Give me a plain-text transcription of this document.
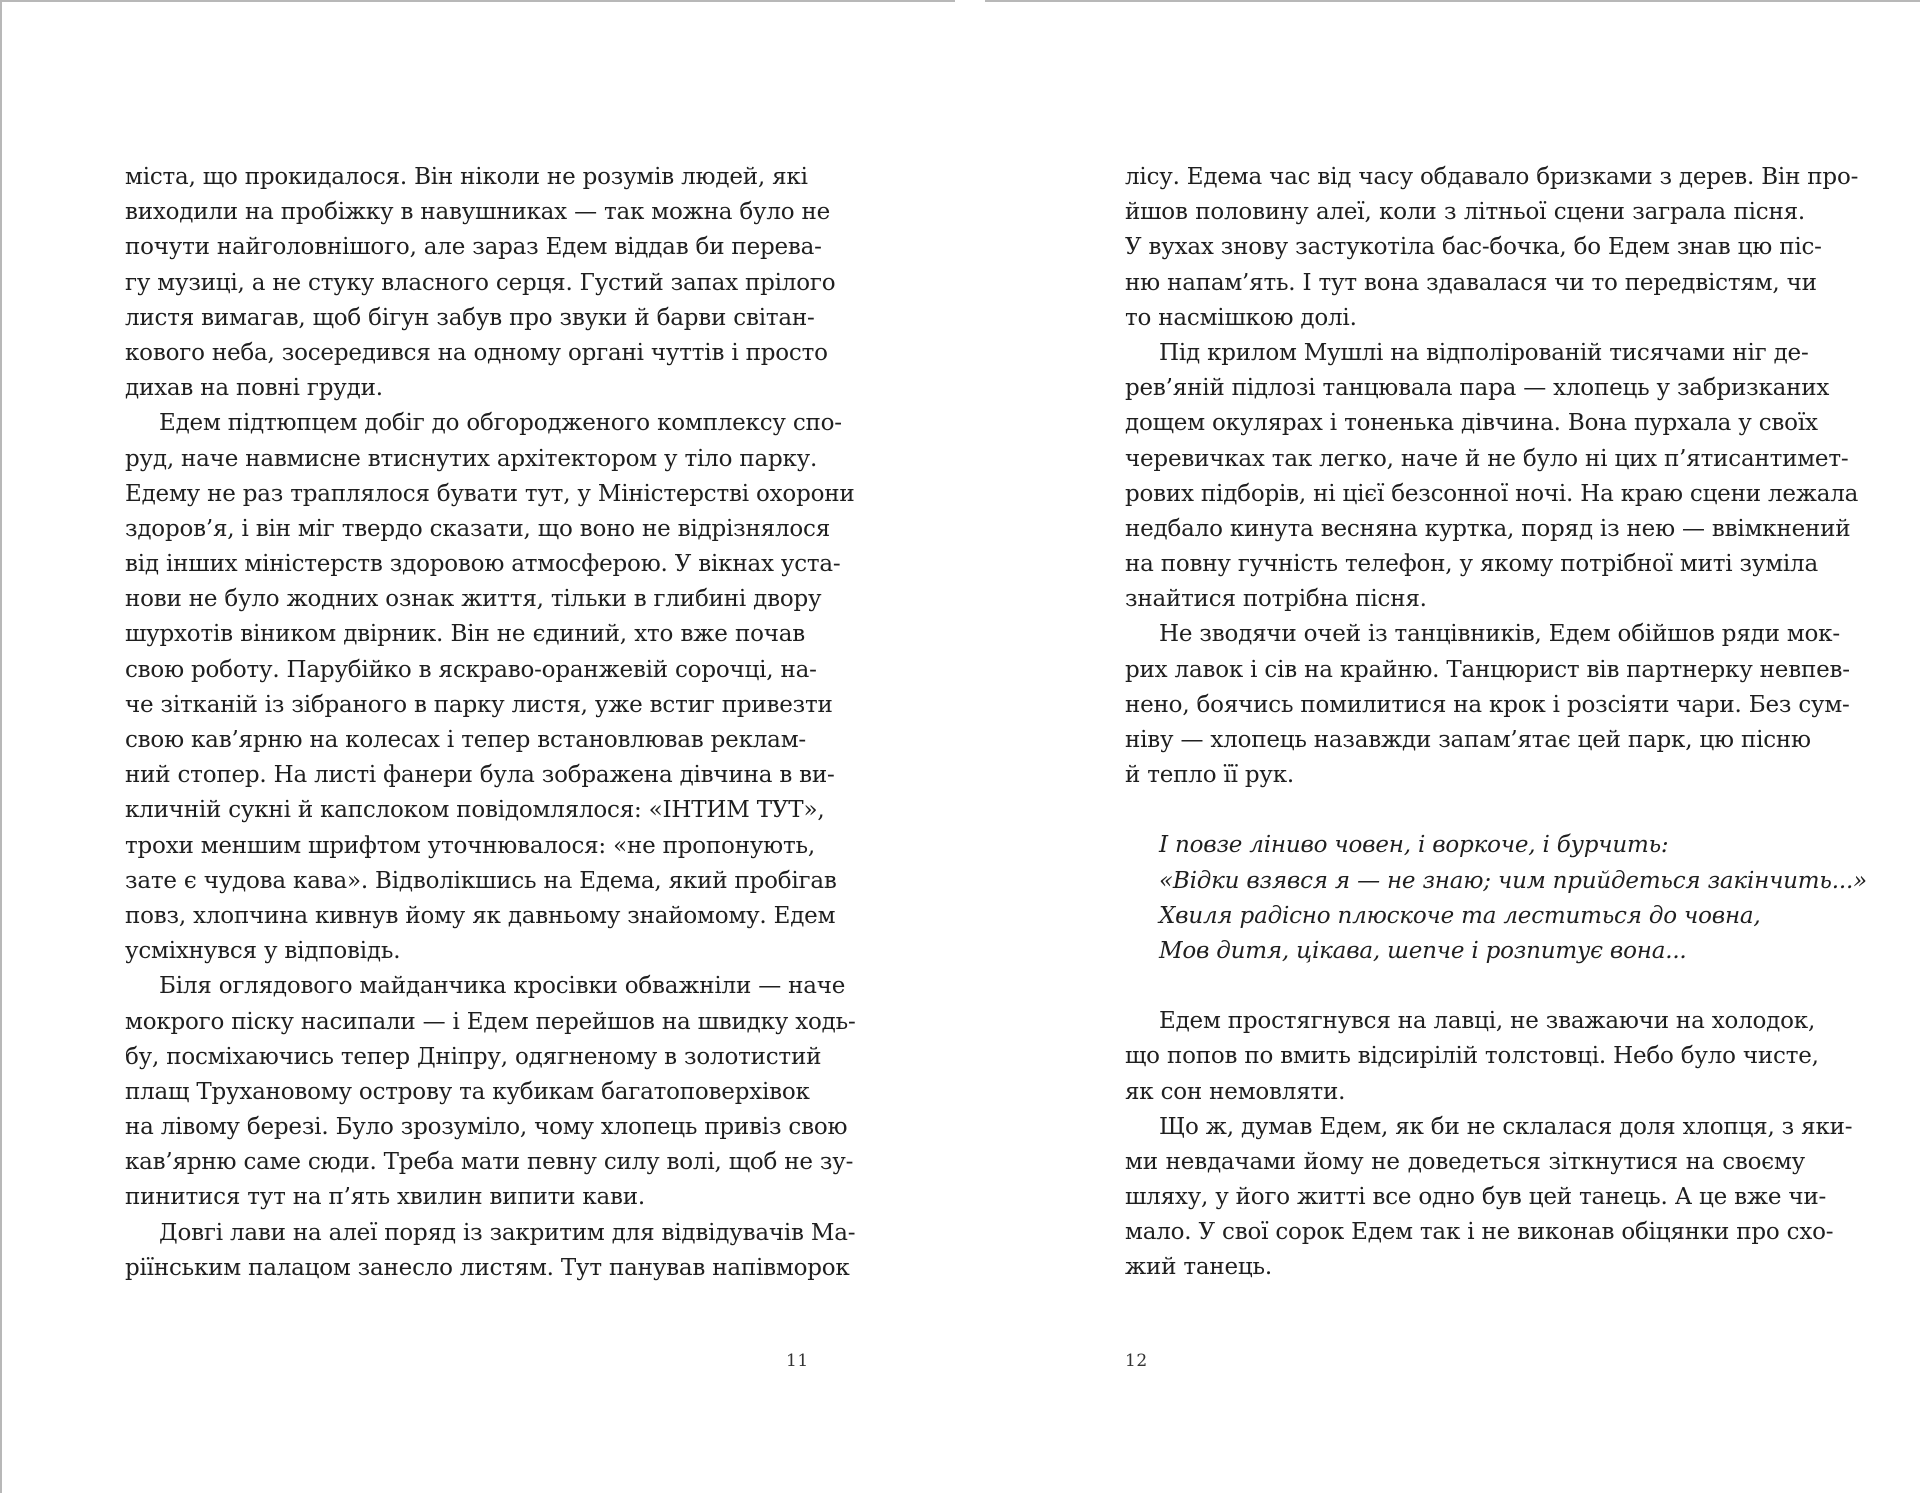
міста, що прокидалося. Він ніколи не розумів людей, які
виходили на пробіжку в навушниках — так можна було не
почути найголовнішого, але зараз Едем віддав би перева-
гу музиці, а не стуку власного серця. Густий запах прілого
листя вимагав, щоб бігун забув про звуки й барви світан-
кового неба, зосередився на одному органі чуттів і просто
дихав на повні груди.
Едем підтюпцем добіг до обгородженого комплексу спо-
руд, наче навмисне втиснутих архітектором у тіло парку.
Едему не раз траплялося бувати тут, у Міністерстві охорони
здоров’я, і він міг твердо сказати, що воно не відрізнялося
від інших міністерств здоровою атмосферою. У вікнах уста-
нови не було жодних ознак життя, тільки в глибині двору
шурхотів віником двірник. Він не єдиний, хто вже почав
свою роботу. Парубійко в яскраво-оранжевій сорочці, на-
че зітканій із зібраного в парку листя, уже встиг привезти
свою кав’ярню на колесах і тепер встановлював реклам-
ний стопер. На листі фанери була зображена дівчина в ви-
кличній сукні й капслоком повідомлялося: «ІНТИМ ТУТ»,
трохи меншим шрифтом уточнювалося: «не пропонують,
зате є чудова кава». Відволікшись на Едема, який пробігав
повз, хлопчина кивнув йому як давньому знайомому. Едем
усміхнувся у відповідь.
Біля оглядового майданчика кросівки обважніли — наче
мокрого піску насипали — і Едем перейшов на швидку ходь-
бу, посміхаючись тепер Дніпру, одягненому в золотистий
плащ Трухановому острову та кубикам багатоповерхівок
на лівому березі. Було зрозуміло, чому хлопець привіз свою
кав’ярню саме сюди. Треба мати певну силу волі, щоб не зу-
пинитися тут на п’ять хвилин випити кави.
Довгі лави на алеї поряд із закритим для відвідувачів Ма-
ріїнським палацом занесло листям. Тут панував напівморок
11
лісу. Едема час від часу обдавало бризками з дерев. Він про-
йшов половину алеї, коли з літньої сцени заграла пісня.
У вухах знову застукотіла бас-бочка, бо Едем знав цю піс-
ню напам’ять. І тут вона здавалася чи то передвістям, чи
то насмішкою долі.
Під крилом Мушлі на відполірованій тисячами ніг де-
рев’яній підлозі танцювала пара — хлопець у забризканих
дощем окулярах і тоненька дівчина. Вона пурхала у своїх
черевичках так легко, наче й не було ні цих п’ятисантимет-
рових підборів, ні цієї безсонної ночі. На краю сцени лежала
недбало кинута весняна куртка, поряд із нею — ввімкнений
на повну гучність телефон, у якому потрібної миті зуміла
знайтися потрібна пісня.
Не зводячи очей із танцівників, Едем обійшов ряди мок-
рих лавок і сів на крайню. Танцюрист вів партнерку невпев-
нено, боячись помилитися на крок і розсіяти чари. Без сум-
ніву — хлопець назавжди запам’ятає цей парк, цю пісню
й тепло її рук.
І повзе ліниво човен, і воркоче, і бурчить:
«Відки взявся я — не знаю; чим прийдеться закінчить...»
Хвиля радісно плюскоче та леститься до човна,
Мов дитя, цікава, шепче і розпитує вона...
Едем простягнувся на лавці, не зважаючи на холодок,
що попов по вмить відсирілій толстовці. Небо було чисте,
як сон немовляти.
Що ж, думав Едем, як би не склалася доля хлопця, з яки-
ми невдачами йому не доведеться зіткнутися на своєму
шляху, у його житті все одно був цей танець. А це вже чи-
мало. У свої сорок Едем так і не виконав обіцянки про схо-
жий танець.
12
